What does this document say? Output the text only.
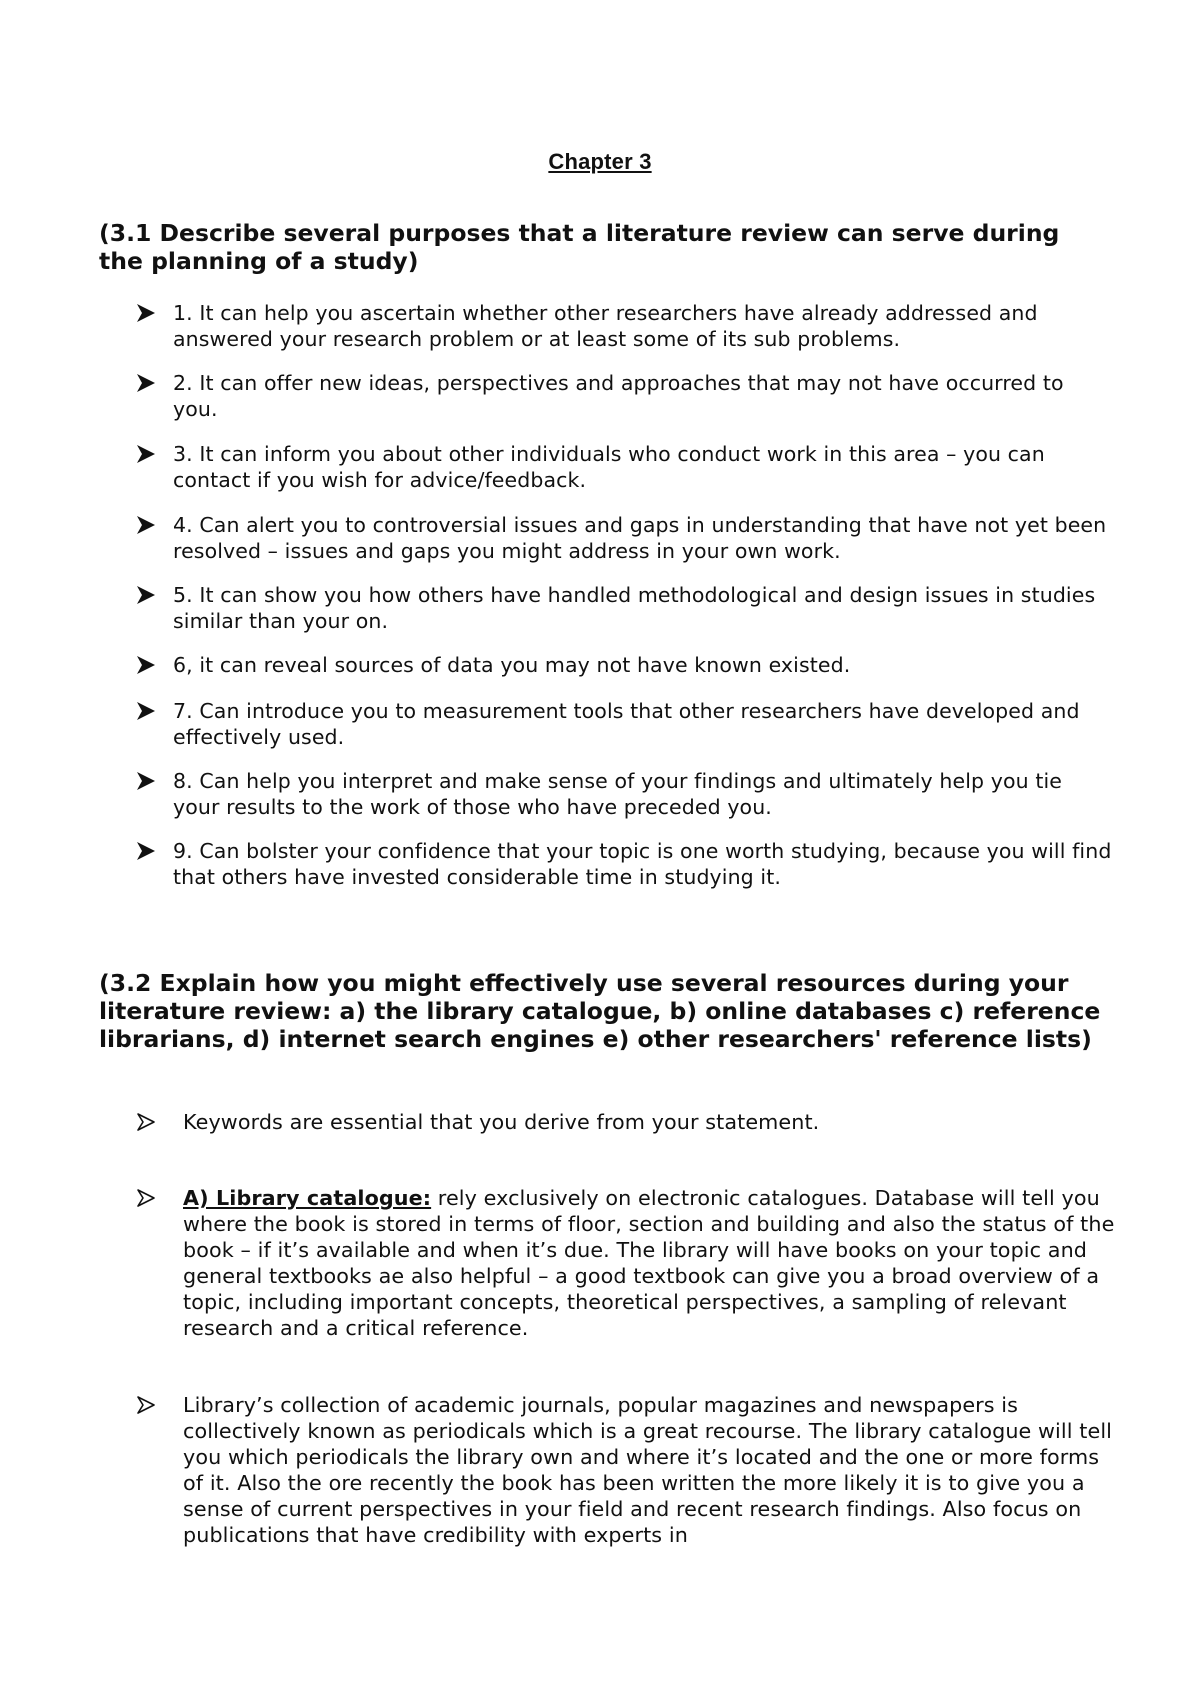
Chapter 3
(3.1 Describe several purposes that a literature review can serve during the planning of a study)
1. It can help you ascertain whether other researchers have already addressed and answered your research problem or at least some of its sub problems.
2. It can offer new ideas, perspectives and approaches that may not have occurred to you.
3. It can inform you about other individuals who conduct work in this area – you can contact if you wish for advice/feedback.
4. Can alert you to controversial issues and gaps in understanding that have not yet been resolved – issues and gaps you might address in your own work.
5. It can show you how others have handled methodological and design issues in studies similar than your on.
6, it can reveal sources of data you may not have known existed.
7. Can introduce you to measurement tools that other researchers have developed and effectively used.
8. Can help you interpret and make sense of your findings and ultimately help you tie your results to the work of those who have preceded you.
9. Can bolster your confidence that your topic is one worth studying, because you will find that others have invested considerable time in studying it.
(3.2 Explain how you might effectively use several resources during your literature review: a) the library catalogue, b) online databases c) reference librarians, d) internet search engines e) other researchers' reference lists)
Keywords are essential that you derive from your statement.
A) Library catalogue: rely exclusively on electronic catalogues. Database will tell you where the book is stored in terms of floor, section and building and also the status of the book – if it’s available and when it’s due. The library will have books on your topic and general textbooks ae also helpful – a good textbook can give you a broad overview of a topic, including important concepts, theoretical perspectives, a sampling of relevant research and a critical reference.
Library’s collection of academic journals, popular magazines and newspapers is collectively known as periodicals which is a great recourse. The library catalogue will tell you which periodicals the library own and where it’s located and the one or more forms of it. Also the ore recently the book has been written the more likely it is to give you a sense of current perspectives in your field and recent research findings. Also focus on publications that have credibility with experts in
